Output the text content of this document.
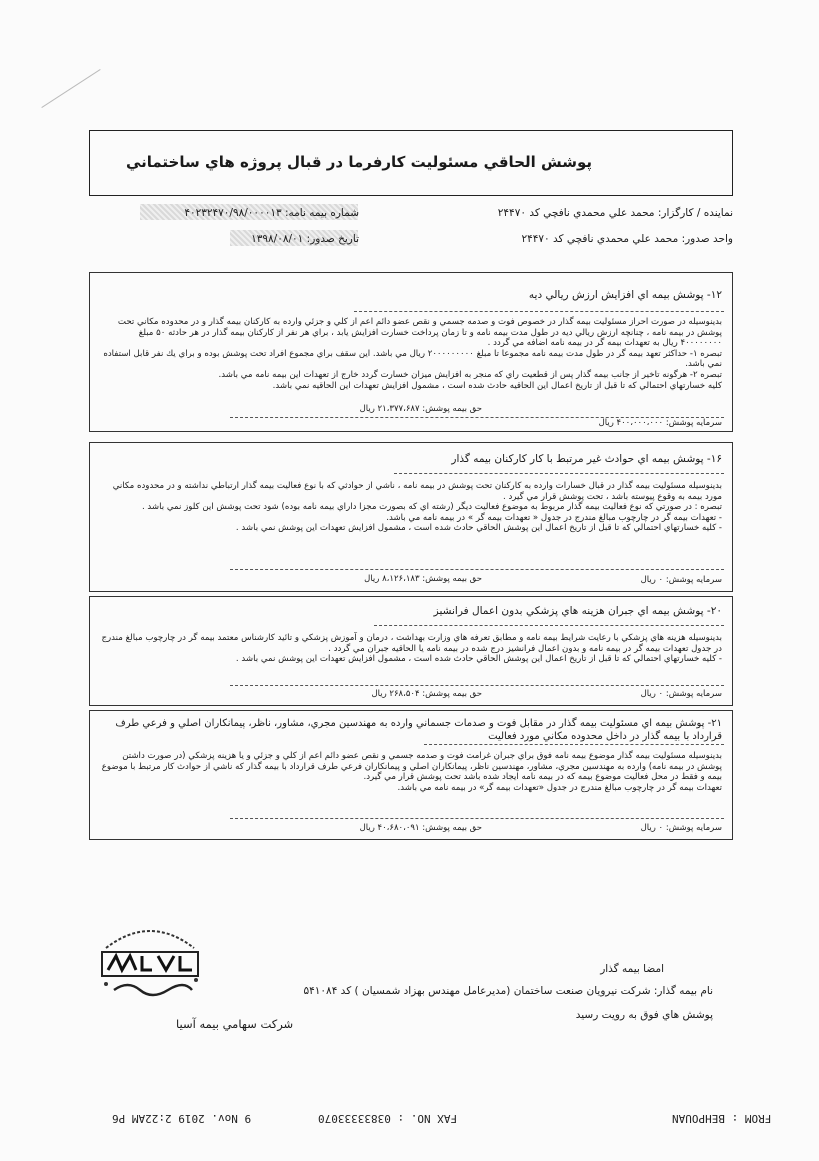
پوشش الحاقي مسئوليت كارفرما در قبال پروژه هاي ساختماني
نماينده / كارگزار: محمد علي محمدي نافچي كد ۲۴۴۷۰
شماره بيمه نامه: ۴۰۲۳۲۴۷۰/۹۸/۰۰۰۰۱۳
واحد صدور: محمد علي محمدي نافچي كد ۲۴۴۷۰
تاريخ صدور: ۱۳۹۸/۰۸/۰۱
۱۲- پوشش بيمه اي افزايش ارزش ريالي ديه
بدينوسيله در صورت احراز مسئوليت بيمه گذار در خصوص فوت و صدمه جسمي و نقص عضو دائم اعم از كلي و جزئي وارده به كاركنان بيمه گذار و در محدوده مكاني تحت پوشش در بيمه نامه ، چنانچه ارزش ريالي ديه در طول مدت بيمه نامه و تا زمان پرداخت خسارت افزايش يابد ، براي هر نفر از كاركنان بيمه گذار در هر حادثه ۵۰ مبلغ ۴۰۰۰۰۰۰۰۰ ريال به تعهدات بيمه گر در بيمه نامه اضافه مي گردد .
تبصره ۱- حداكثر تعهد بيمه گر در طول مدت بيمه نامه مجموعا تا مبلغ ۲۰۰۰۰۰۰۰۰۰ ريال مي باشد. اين سقف براي مجموع افراد تحت پوشش بوده و براي يك نفر قابل استفاده نمي باشد.
تبصره ۲- هرگونه تاخير از جانب بيمه گذار پس از قطعيت راي كه منجر به افزايش ميزان خسارت گردد خارج از تعهدات اين بيمه نامه مي باشد.
كليه خسارتهاي احتمالي كه تا قبل از تاريخ اعمال اين الحاقيه حادث شده است ، مشمول افزايش تعهدات اين الحاقيه نمي باشد.
سرمايه پوشش: ۴۰۰،۰۰۰،۰۰۰ ريال
حق بيمه پوشش: ۲۱،۳۷۷،۶۸۷ ريال
۱۶- پوشش بيمه اي حوادث غير مرتبط با كار كاركنان بيمه گذار
بدينوسيله مسئوليت بيمه گذار در قبال خسارات وارده به كاركنان تحت پوشش در بيمه نامه ، ناشي از حوادثي كه با نوع فعاليت بيمه گذار ارتباطي نداشته و در محدوده مكاني مورد بيمه به وقوع پيوسته باشد ، تحت پوشش قرار مي گيرد .
تبصره : در صورتي كه نوع فعاليت بيمه گذار مربوط به موضوع فعاليت ديگر (رشته اي كه بصورت مجزا داراي بيمه نامه بوده) شود تحت پوشش اين كلوز نمي باشد .
- تعهدات بيمه گر در چارچوب مبالغ مندرج در جدول « تعهدات بيمه گر » در بيمه نامه مي باشد.
- كليه خسارتهاي احتمالي كه تا قبل از تاريخ اعمال اين پوشش الحاقي حادث شده است ، مشمول افزايش تعهدات اين پوشش نمي باشد .
سرمايه پوشش: ۰ ريال
حق بيمه پوشش: ۸،۱۲۶،۱۸۳ ريال
۲۰- پوشش بيمه اي جبران هزينه هاي پزشكي بدون اعمال فرانشيز
بدينوسيله هزينه هاي پزشكي با رعايت شرايط بيمه نامه و مطابق تعرفه هاي وزارت بهداشت ، درمان و آموزش پزشكي و تائيد كارشناس معتمد بيمه گر در چارچوب مبالغ مندرج در جدول تعهدات بيمه گر در بيمه نامه و بدون اعمال فرانشيز درج شده در بيمه نامه يا الحاقيه جبران مي گردد .
- كليه خسارتهاي احتمالي كه تا قبل از تاريخ اعمال اين پوشش الحاقي حادث شده است ، مشمول افزايش تعهدات اين پوشش نمي باشد .
سرمايه پوشش: ۰ ريال
حق بيمه پوشش: ۲۶۸،۵۰۴ ريال
۲۱- پوشش بيمه اي مسئوليت بيمه گذار در مقابل فوت و صدمات جسماني وارده به مهندسين مجري، مشاور، ناظر، پيمانكاران اصلي و فرعي طرف قرارداد با بيمه گذار در داخل محدوده مكاني مورد فعاليت
بدينوسيله مسئوليت بيمه گذار موضوع بيمه نامه فوق براي جبران غرامت فوت و صدمه جسمي و نقص عضو دائم اعم از كلي و جزئي و يا هزينه پزشكي (در صورت داشتن پوشش در بيمه نامه) وارده به مهندسين مجري، مشاور، مهندسين ناظر، پيمانكاران اصلي و پيمانكاران فرعي طرف قرارداد با بيمه گذار كه ناشي از حوادث كار مرتبط با موضوع بيمه و فقط در محل فعاليت موضوع بيمه كه در بيمه نامه ايجاد شده باشد تحت پوشش قرار مي گيرد.
تعهدات بيمه گر در چارچوب مبالغ مندرج در جدول «تعهدات بيمه گر» در بيمه نامه مي باشد.
سرمايه پوشش: ۰ ريال
حق بيمه پوشش: ۴۰،۶۸۰،۰۹۱ ريال
امضا بيمه گذار
نام بيمه گذار: شركت نيرويان صنعت ساختمان (مديرعامل مهندس بهزاد شمسيان ) كد ۵۴۱۰۸۴
پوشش هاي فوق به رويت رسيد
شركت سهامي بيمه آسيا
9 Nov. 2019 2:22AM P6	FAX NO. : 03833333070	FROM : BEHPOUAN
